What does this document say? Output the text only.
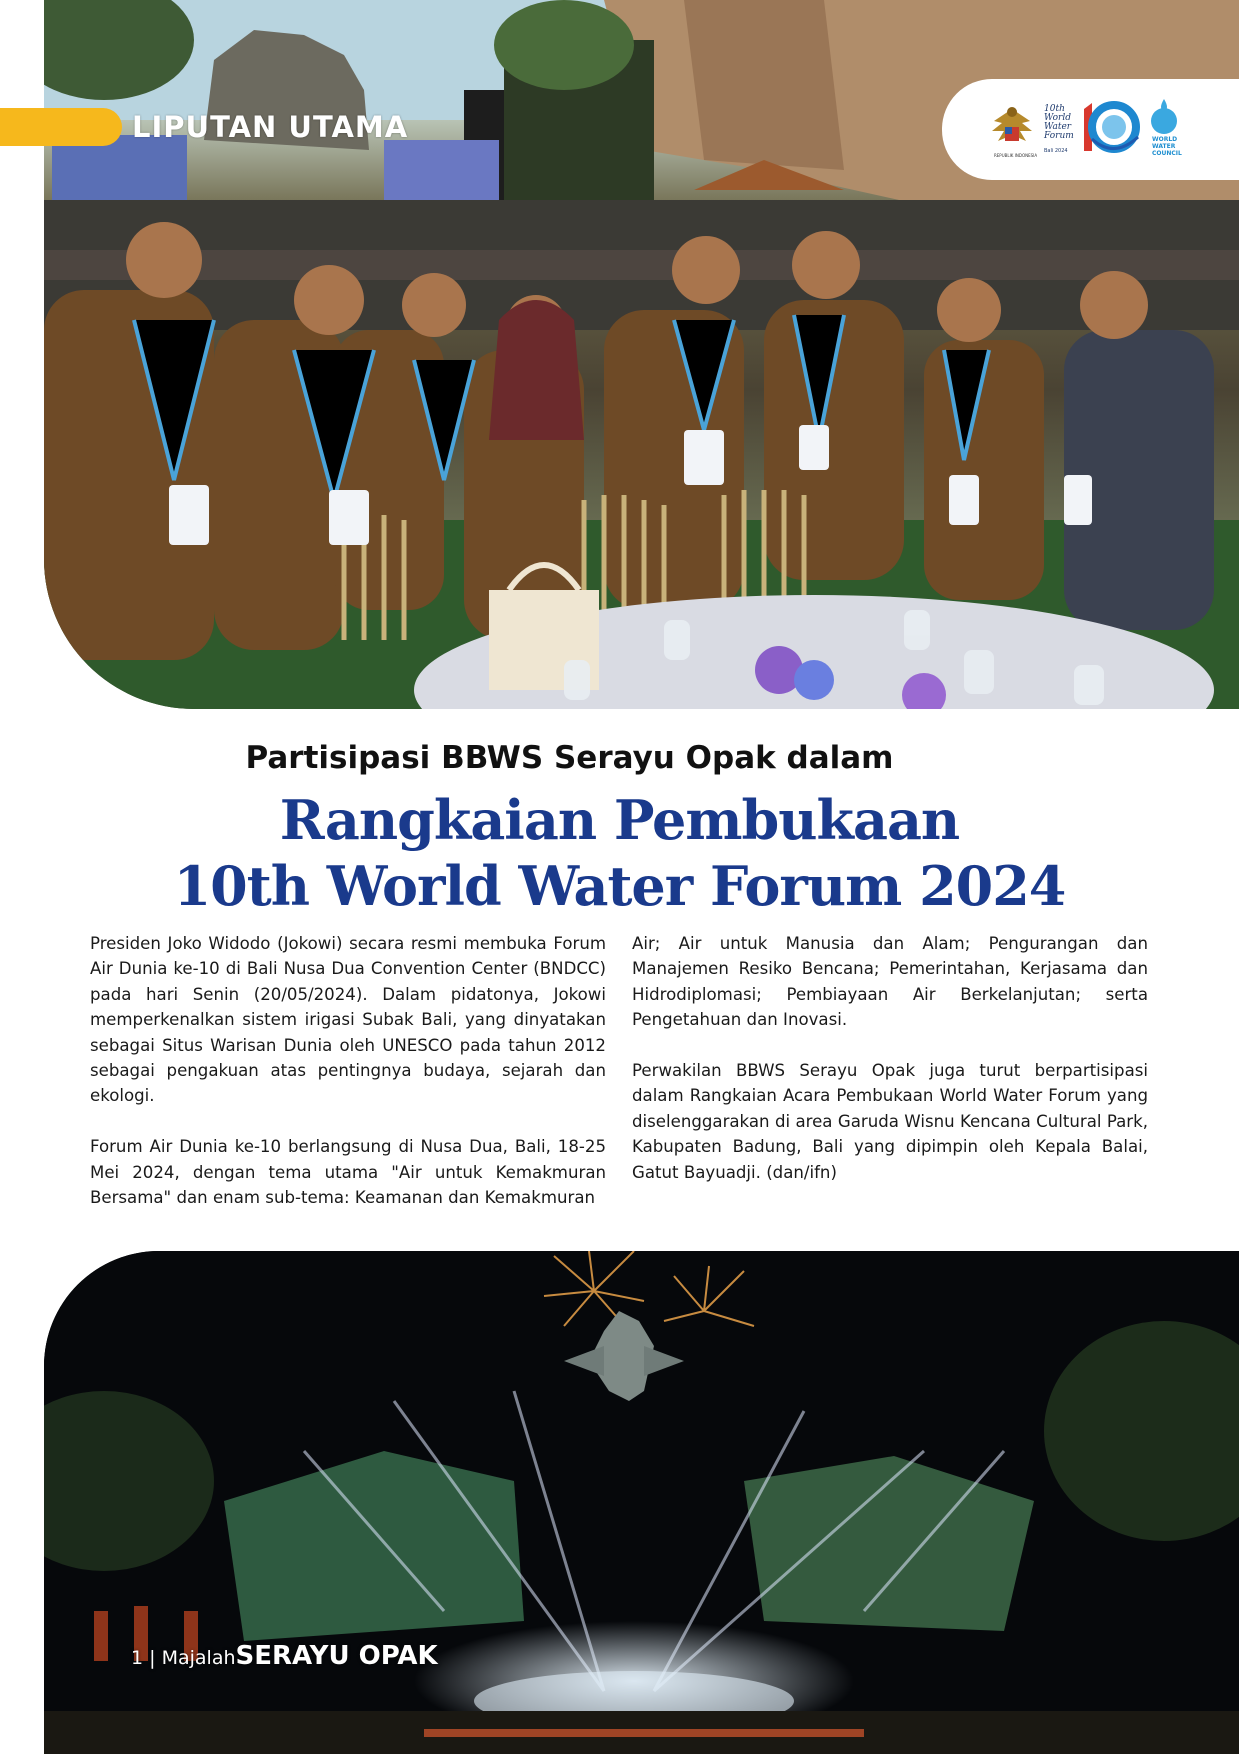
LIPUTAN UTAMA
REPUBLIK INDONESIA
10th
World
Water
Forum
Bali 2024
WORLD
WATER
COUNCIL
Partisipasi BBWS Serayu Opak dalam
Rangkaian Pembukaan
10th World Water Forum 2024

Presiden Joko Widodo (Jokowi) secara resmi membuka Forum Air Dunia ke-10 di Bali Nusa Dua Convention Center (BNDCC) pada hari Senin (20/05/2024). Dalam pidatonya, Jokowi memperkenalkan sistem irigasi Subak Bali, yang dinyatakan sebagai Situs Warisan Dunia oleh UNESCO pada tahun 2012 sebagai pengakuan atas pentingnya budaya, sejarah dan ekologi.

Forum Air Dunia ke-10 berlangsung di Nusa Dua, Bali, 18-25 Mei 2024, dengan tema utama "Air untuk Kemakmuran Bersama" dan enam sub-tema: Keamanan dan Kemakmuran

Air; Air untuk Manusia dan Alam; Pengurangan dan Manajemen Resiko Bencana; Pemerintahan, Kerjasama dan Hidrodiplomasi; Pembiayaan Air Berkelanjutan; serta Pengetahuan dan Inovasi.

Perwakilan BBWS Serayu Opak juga turut berpartisipasi dalam Rangkaian Acara Pembukaan World Water Forum yang diselenggarakan di area Garuda Wisnu Kencana Cultural Park, Kabupaten Badung, Bali yang dipimpin oleh Kepala Balai, Gatut Bayuadji. (dan/ifn)

1 | MajalahSERAYU OPAK
